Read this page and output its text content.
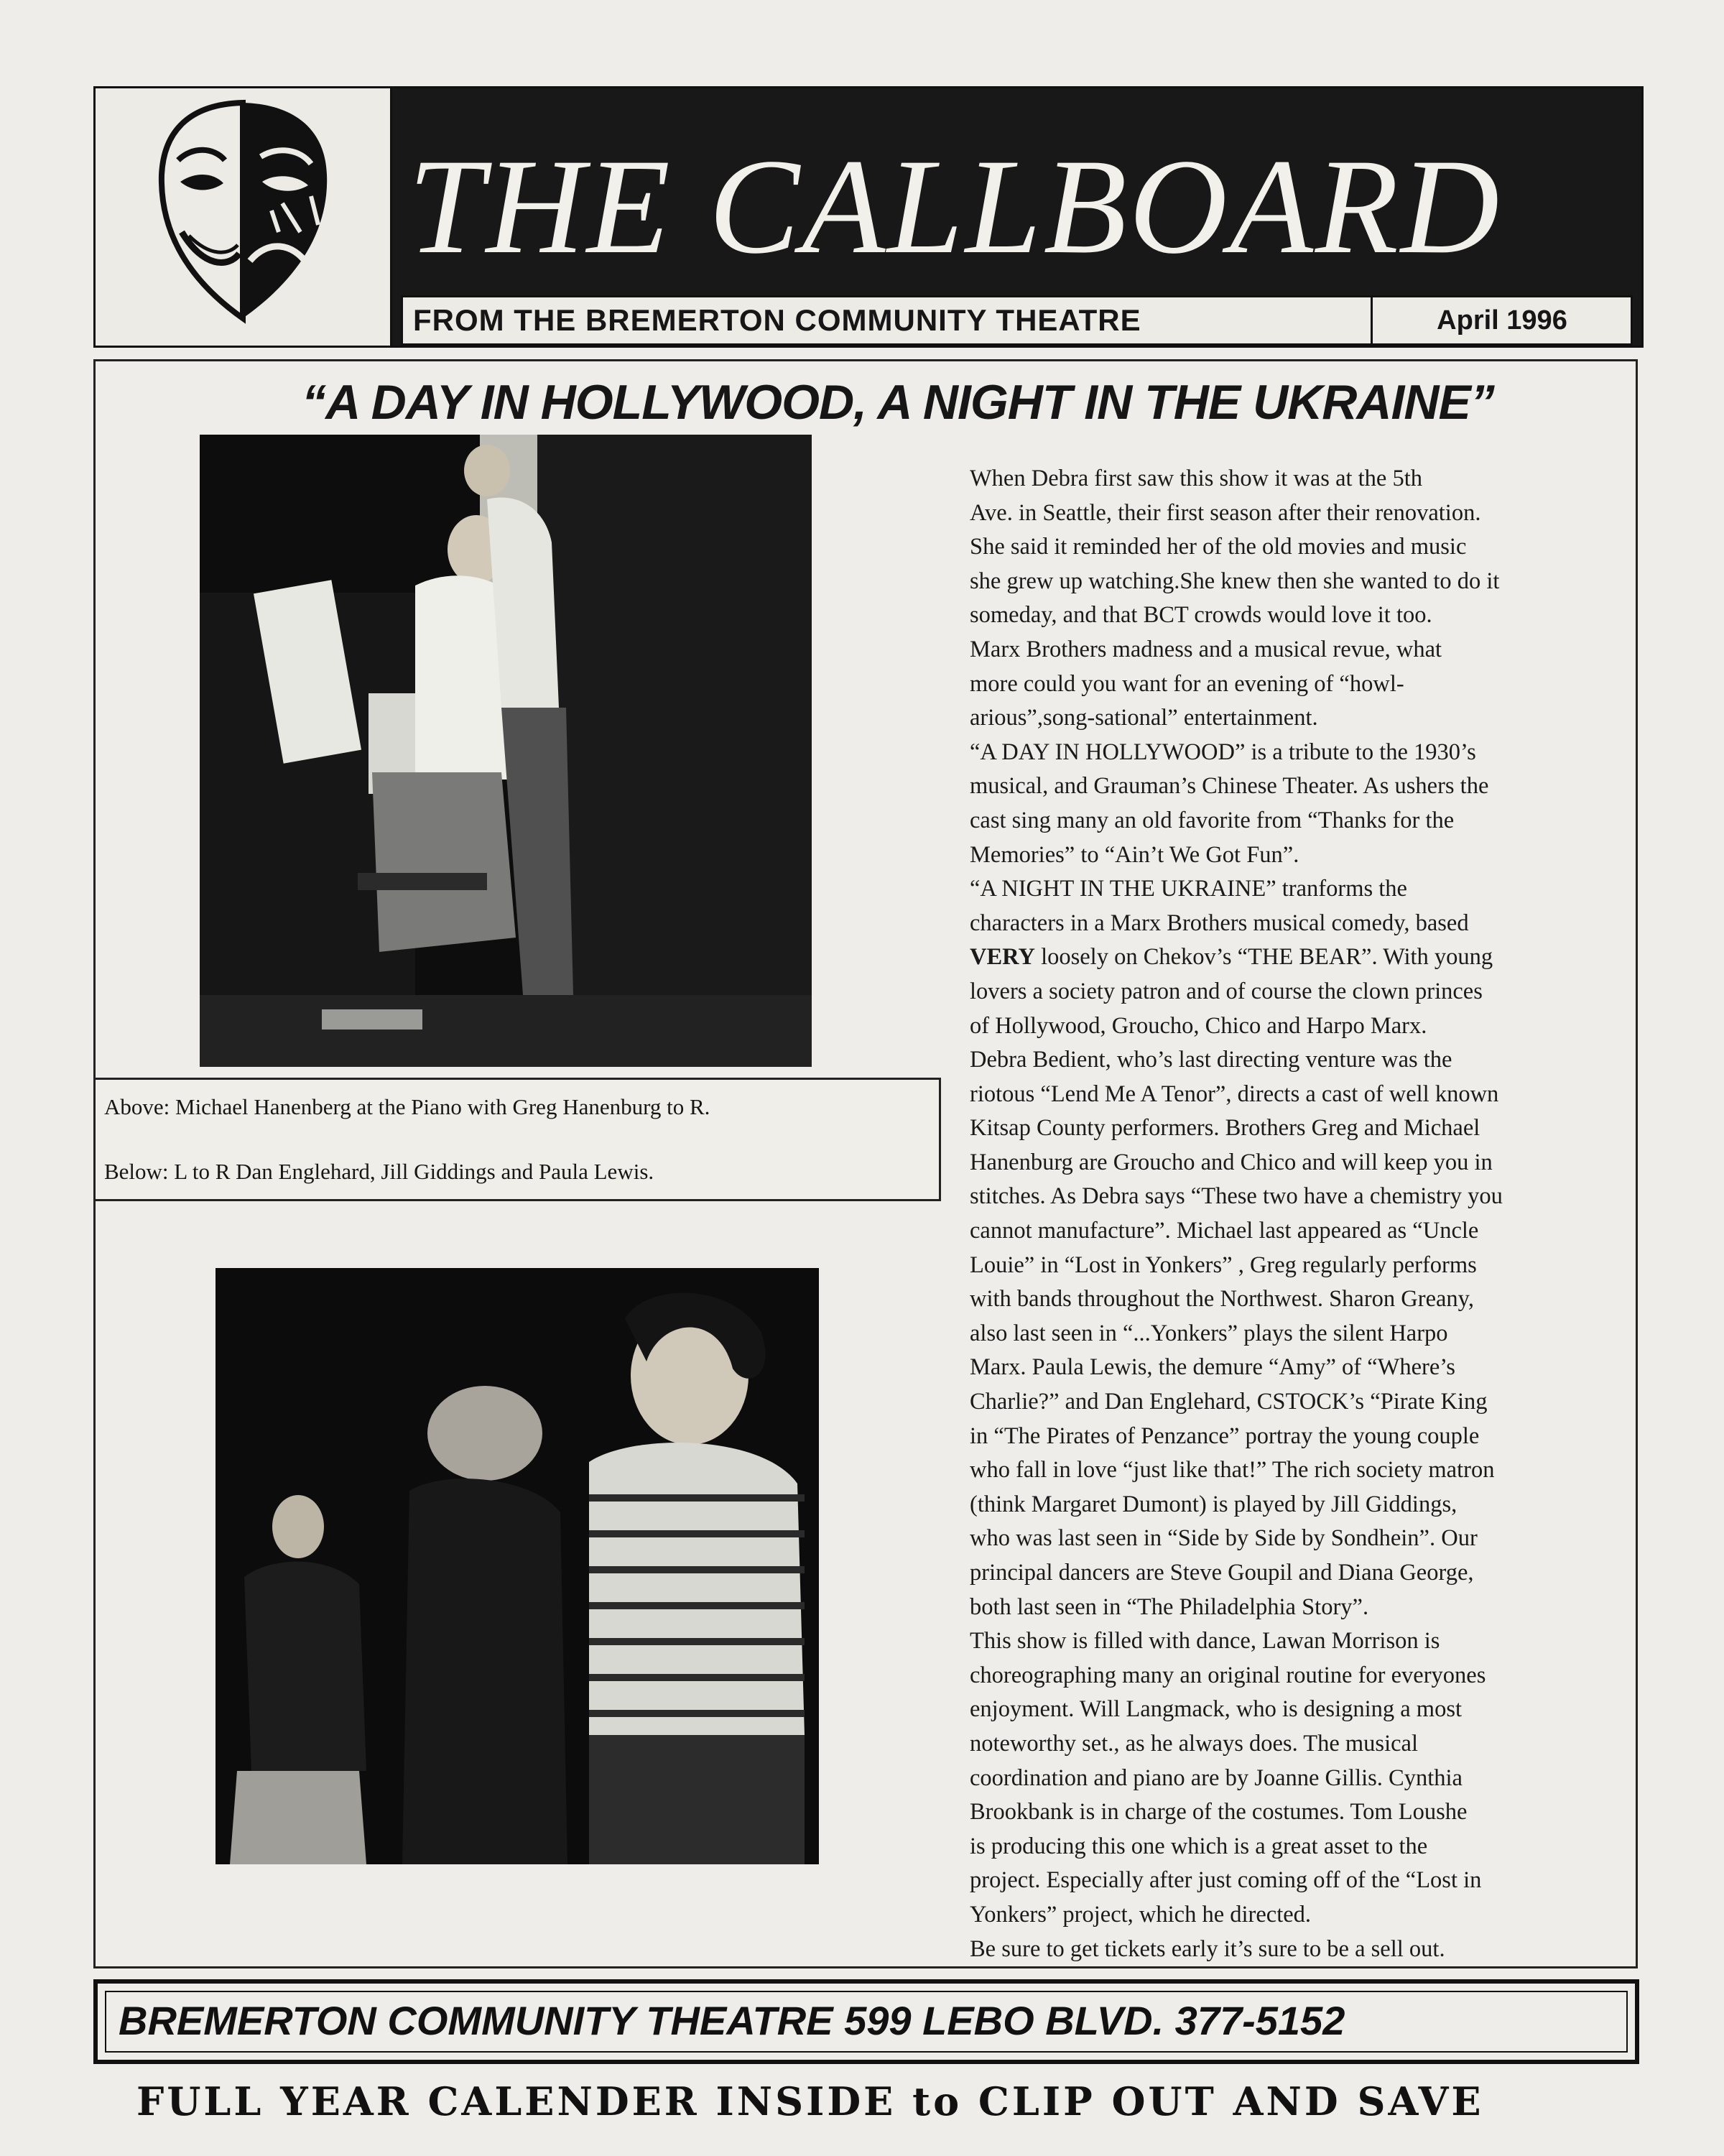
THE CALLBOARD
FROM THE BREMERTON COMMUNITY THEATRE	April 1996
“A DAY IN HOLLYWOOD, A NIGHT IN THE UKRAINE”

Above: Michael Hanenberg at the Piano with Greg Hanenburg to R.

Below: L to R Dan Englehard, Jill Giddings and Paula Lewis.

When Debra first saw this show it was at the 5th

Ave. in Seattle, their first season after their renovation.

She said it reminded her of the old movies and music

she grew up watching.She knew then she wanted to do it

someday, and that BCT crowds would love it too.

Marx Brothers madness and a musical revue, what

more could you want for an evening of “howl-

arious”,song-sational” entertainment.

“A DAY IN HOLLYWOOD” is a tribute to the 1930’s

musical, and Grauman’s Chinese Theater. As ushers the

cast sing many an old favorite from “Thanks for the

Memories” to “Ain’t We Got Fun”.

“A NIGHT IN THE UKRAINE” tranforms the

characters in a Marx Brothers musical comedy, based

VERY loosely on Chekov’s “THE BEAR”. With young

lovers a society patron and of course the clown princes

of Hollywood, Groucho, Chico and Harpo Marx.

Debra Bedient, who’s last directing venture was the

riotous “Lend Me A Tenor”, directs a cast of well known

Kitsap County performers. Brothers Greg and Michael

Hanenburg are Groucho and Chico and will keep you in

stitches. As Debra says “These two have a chemistry you

cannot manufacture”. Michael last appeared as “Uncle

Louie” in “Lost in Yonkers” , Greg regularly performs

with bands throughout the Northwest. Sharon Greany,

also last seen in “...Yonkers” plays the silent Harpo

Marx. Paula Lewis, the demure “Amy” of “Where’s

Charlie?” and Dan Englehard, CSTOCK’s “Pirate King

in “The Pirates of Penzance” portray the young couple

who fall in love “just like that!” The rich society matron

(think Margaret Dumont) is played by Jill Giddings,

who was last seen in “Side by Side by Sondhein”. Our

principal dancers are Steve Goupil and Diana George,

both last seen in “The Philadelphia Story”.

This show is filled with dance, Lawan Morrison is

choreographing many an original routine for everyones

enjoyment. Will Langmack, who is designing a most

noteworthy set., as he always does. The musical

coordination and piano are by Joanne Gillis. Cynthia

Brookbank is in charge of the costumes. Tom Loushe

is producing this one which is a great asset to the

project. Especially after just coming off of the “Lost in

Yonkers” project, which he directed.

Be sure to get tickets early it’s sure to be a sell out.

BREMERTON COMMUNITY THEATRE 599 LEBO BLVD. 377-5152
FULL YEAR CALENDER INSIDE to CLIP OUT AND SAVE
